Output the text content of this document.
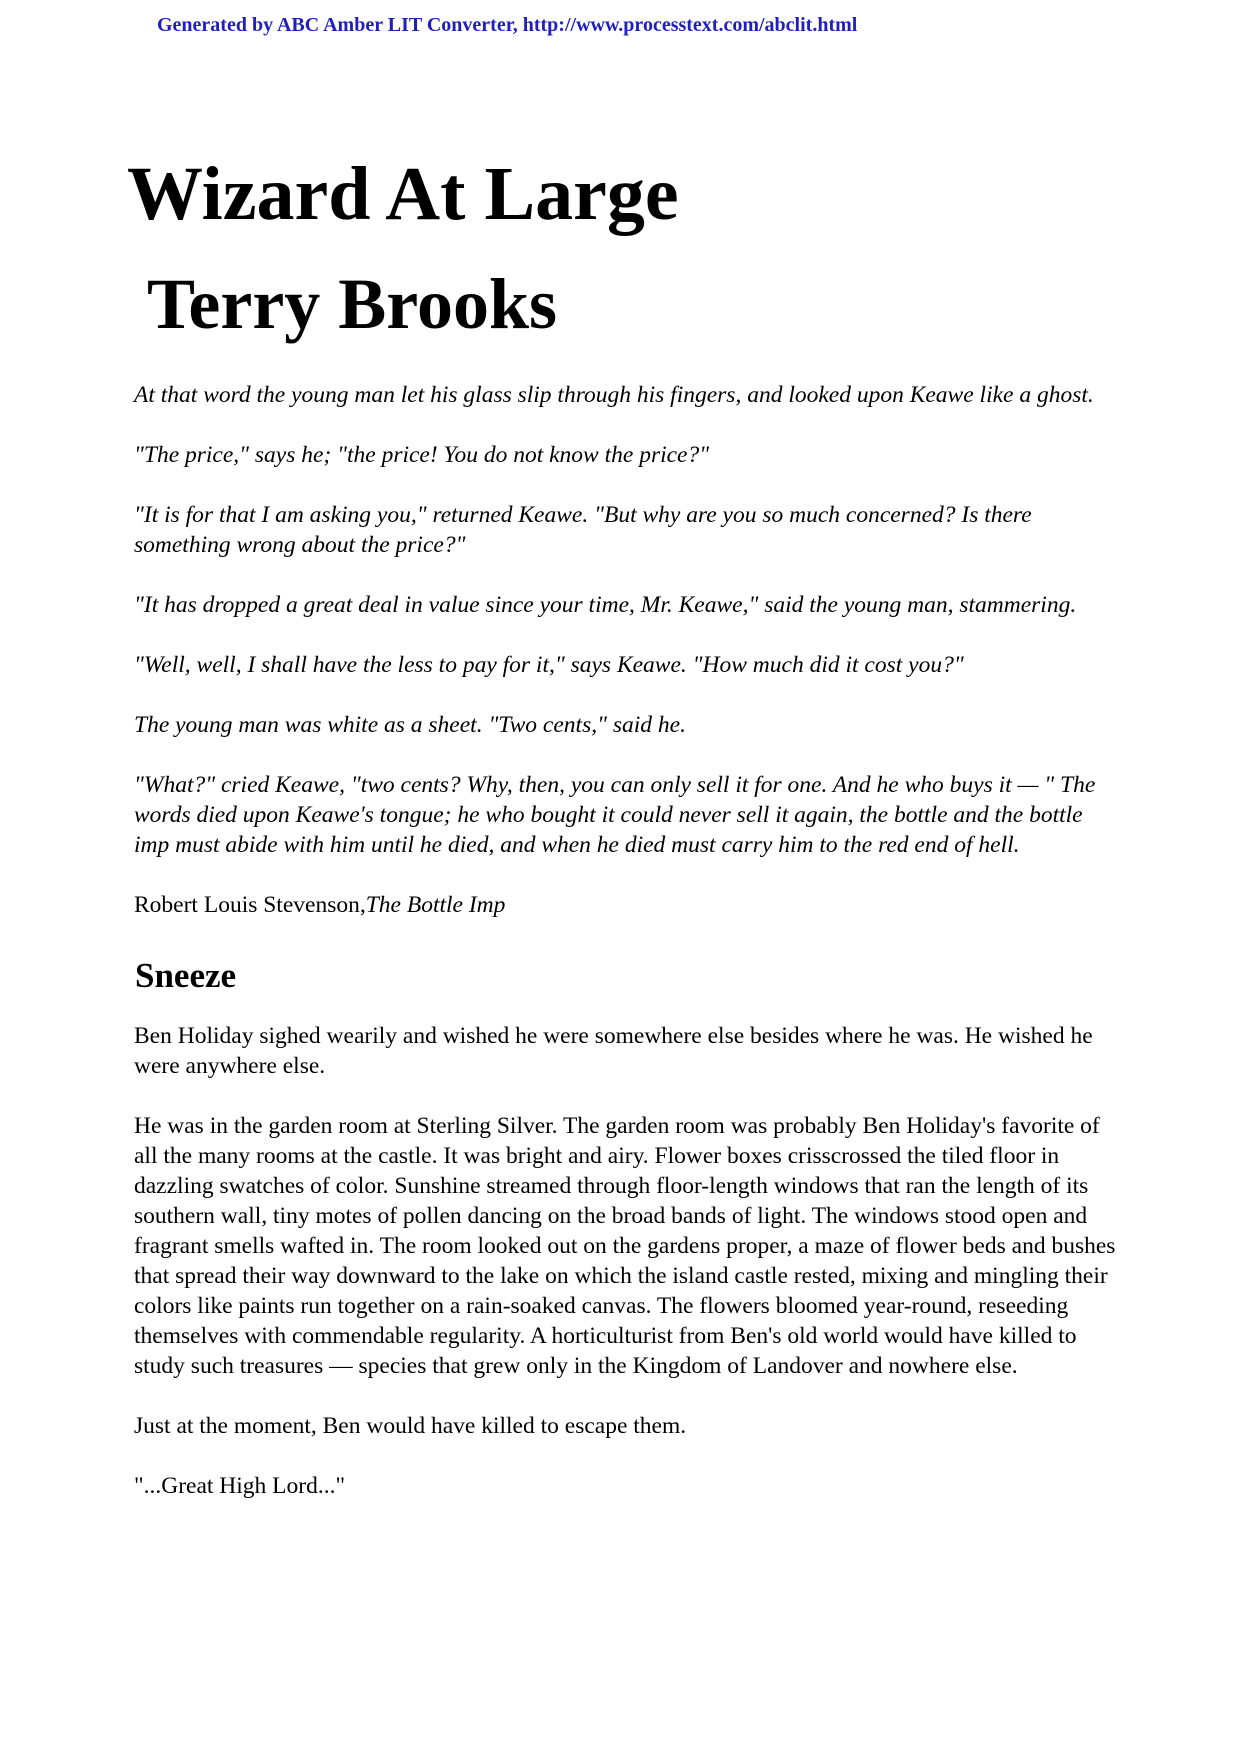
Generated by ABC Amber LIT Converter, http://www.processtext.com/abclit.html
Wizard At Large
Terry Brooks

At that word the young man let his glass slip through his fingers, and looked upon Keawe like a ghost.

"The price," says he; "the price! You do not know the price?"

"It is for that I am asking you," returned Keawe. "But why are you so much concerned? Is there something wrong about the price?"

"It has dropped a great deal in value since your time, Mr. Keawe," said the young man, stammering.

"Well, well, I shall have the less to pay for it," says Keawe. "How much did it cost you?"

The young man was white as a sheet. "Two cents," said he.

"What?" cried Keawe, "two cents? Why, then, you can only sell it for one. And he who buys it — " The words died upon Keawe's tongue; he who bought it could never sell it again, the bottle and the bottle imp must abide with him until he died, and when he died must carry him to the red end of hell.

Robert Louis Stevenson,The Bottle Imp

Sneeze

Ben Holiday sighed wearily and wished he were somewhere else besides where he was. He wished he were anywhere else.

He was in the garden room at Sterling Silver. The garden room was probably Ben Holiday's favorite of all the many rooms at the castle. It was bright and airy. Flower boxes crisscrossed the tiled floor in dazzling swatches of color. Sunshine streamed through floor-length windows that ran the length of its southern wall, tiny motes of pollen dancing on the broad bands of light. The windows stood open and fragrant smells wafted in. The room looked out on the gardens proper, a maze of flower beds and bushes that spread their way downward to the lake on which the island castle rested, mixing and mingling their colors like paints run together on a rain-soaked canvas. The flowers bloomed year-round, reseeding themselves with commendable regularity. A horticulturist from Ben's old world would have killed to study such treasures — species that grew only in the Kingdom of Landover and nowhere else.

Just at the moment, Ben would have killed to escape them.

"...Great High Lord..."
